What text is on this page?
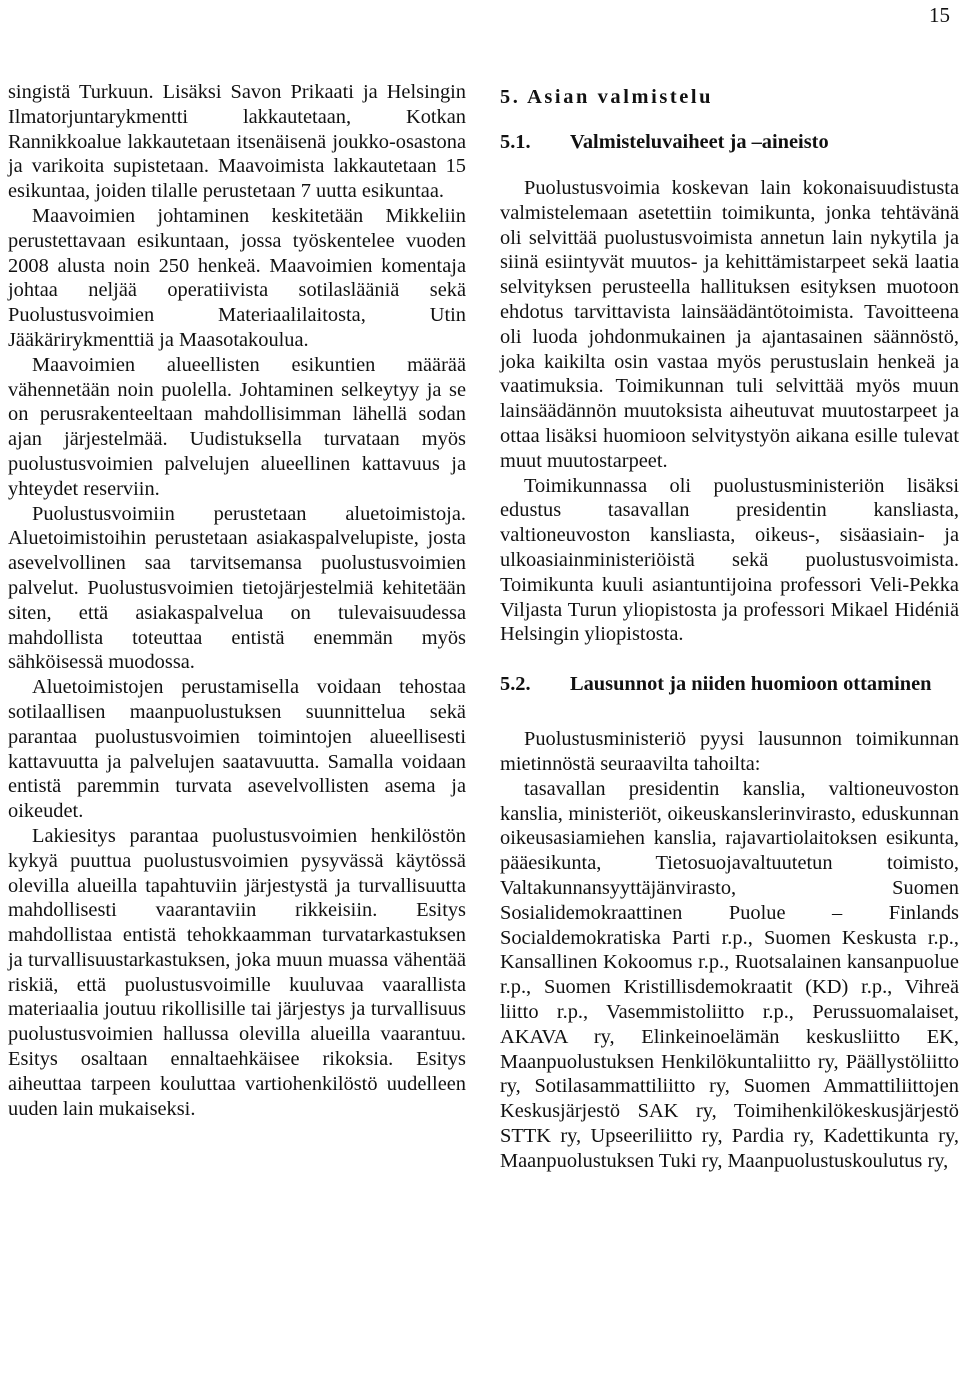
15

singistä Turkuun. Lisäksi Savon Prikaati ja Helsingin Ilmatorjuntarykmentti lakkautetaan, Kotkan Rannikkoalue lakkautetaan itsenäisenä joukko-osastona ja varikoita supistetaan. Maavoimista lakkautetaan 15 esikuntaa, joiden tilalle perustetaan 7 uutta esikuntaa.

Maavoimien johtaminen keskitetään Mikkeliin perustettavaan esikuntaan, jossa työskentelee vuoden 2008 alusta noin 250 henkeä. Maavoimien komentaja johtaa neljää operatiivista sotilaslääniä sekä Puolustusvoimien Materiaalilaitosta, Utin Jääkärirykmenttiä ja Maasotakoulua.

Maavoimien alueellisten esikuntien määrää vähennetään noin puolella. Johtaminen selkeytyy ja se on perusrakenteeltaan mahdollisimman lähellä sodan ajan järjestelmää. Uudistuksella turvataan myös puolustusvoimien palvelujen alueellinen kattavuus ja yhteydet reserviin.

Puolustusvoimiin perustetaan aluetoimistoja. Aluetoimistoihin perustetaan asiakaspalvelupiste, josta asevelvollinen saa tarvitsemansa puolustusvoimien palvelut. Puolustusvoimien tietojärjestelmiä kehitetään siten, että asiakaspalvelua on tulevaisuudessa mahdollista toteuttaa entistä enemmän myös sähköisessä muodossa.

Aluetoimistojen perustamisella voidaan tehostaa sotilaallisen maanpuolustuksen suunnittelua sekä parantaa puolustusvoimien toimintojen alueellisesti kattavuutta ja palvelujen saatavuutta. Samalla voidaan entistä paremmin turvata asevelvollisten asema ja oikeudet.

Lakiesitys parantaa puolustusvoimien henkilöstön kykyä puuttua puolustusvoimien pysyvässä käytössä olevilla alueilla tapahtuviin järjestystä ja turvallisuutta mahdollisesti vaarantaviin rikkeisiin. Esitys mahdollistaa entistä tehokkaamman turvatarkastuksen ja turvallisuustarkastuksen, joka muun muassa vähentää riskiä, että puolustusvoimille kuuluvaa vaarallista materiaalia joutuu rikollisille tai järjestys ja turvallisuus puolustusvoimien hallussa olevilla alueilla vaarantuu. Esitys osaltaan ennaltaehkäisee rikoksia. Esitys aiheuttaa tarpeen kouluttaa vartiohenkilöstö uudelleen uuden lain mukaiseksi.

5. Asian valmistelu
5.1.	Valmisteluvaiheet ja –aineisto

Puolustusvoimia koskevan lain kokonaisuudistusta valmistelemaan asetettiin toimikunta, jonka tehtävänä oli selvittää puolustusvoimista annetun lain nykytila ja siinä esiintyvät muutos- ja kehittämistarpeet sekä laatia selvityksen perusteella hallituksen esityksen muotoon ehdotus tarvittavista lainsäädäntötoimista. Tavoitteena oli luoda johdonmukainen ja ajantasainen säännöstö, joka kaikilta osin vastaa myös perustuslain henkeä ja vaatimuksia. Toimikunnan tuli selvittää myös muun lainsäädännön muutoksista aiheutuvat muutostarpeet ja ottaa lisäksi huomioon selvitystyön aikana esille tulevat muut muutostarpeet.

Toimikunnassa oli puolustusministeriön lisäksi edustus tasavallan presidentin kansliasta, valtioneuvoston kansliasta, oikeus-, sisäasiain- ja ulkoasiainministeriöistä sekä puolustusvoimista. Toimikunta kuuli asiantuntijoina professori Veli-Pekka Viljasta Turun yliopistosta ja professori Mikael Hidéniä Helsingin yliopistosta.

5.2.	Lausunnot ja niiden huomioon ottaminen

Puolustusministeriö pyysi lausunnon toimikunnan mietinnöstä seuraavilta tahoilta:

tasavallan presidentin kanslia, valtioneuvoston kanslia, ministeriöt, oikeuskanslerinvirasto, eduskunnan oikeusasiamiehen kanslia, rajavartiolaitoksen esikunta, pääesikunta, Tietosuojavaltuutetun toimisto, Valtakunnansyyttäjänvirasto, Suomen Sosialidemokraattinen Puolue – Finlands Socialdemokratiska Parti r.p., Suomen Keskusta r.p., Kansallinen Kokoomus r.p., Ruotsalainen kansanpuolue r.p., Suomen Kristillisdemokraatit (KD) r.p., Vihreä liitto r.p., Vasemmistoliitto r.p., Perussuomalaiset, AKAVA ry, Elinkeinoelämän keskusliitto EK, Maanpuolustuksen Henkilökuntaliitto ry, Päällystöliitto ry, Sotilasammattiliitto ry, Suomen Ammattiliittojen Keskusjärjestö SAK ry, Toimihenkilökeskusjärjestö STTK ry, Upseeriliitto ry, Pardia ry, Kadettikunta ry, Maanpuolustuksen Tuki ry, Maanpuolustuskoulutus ry,
